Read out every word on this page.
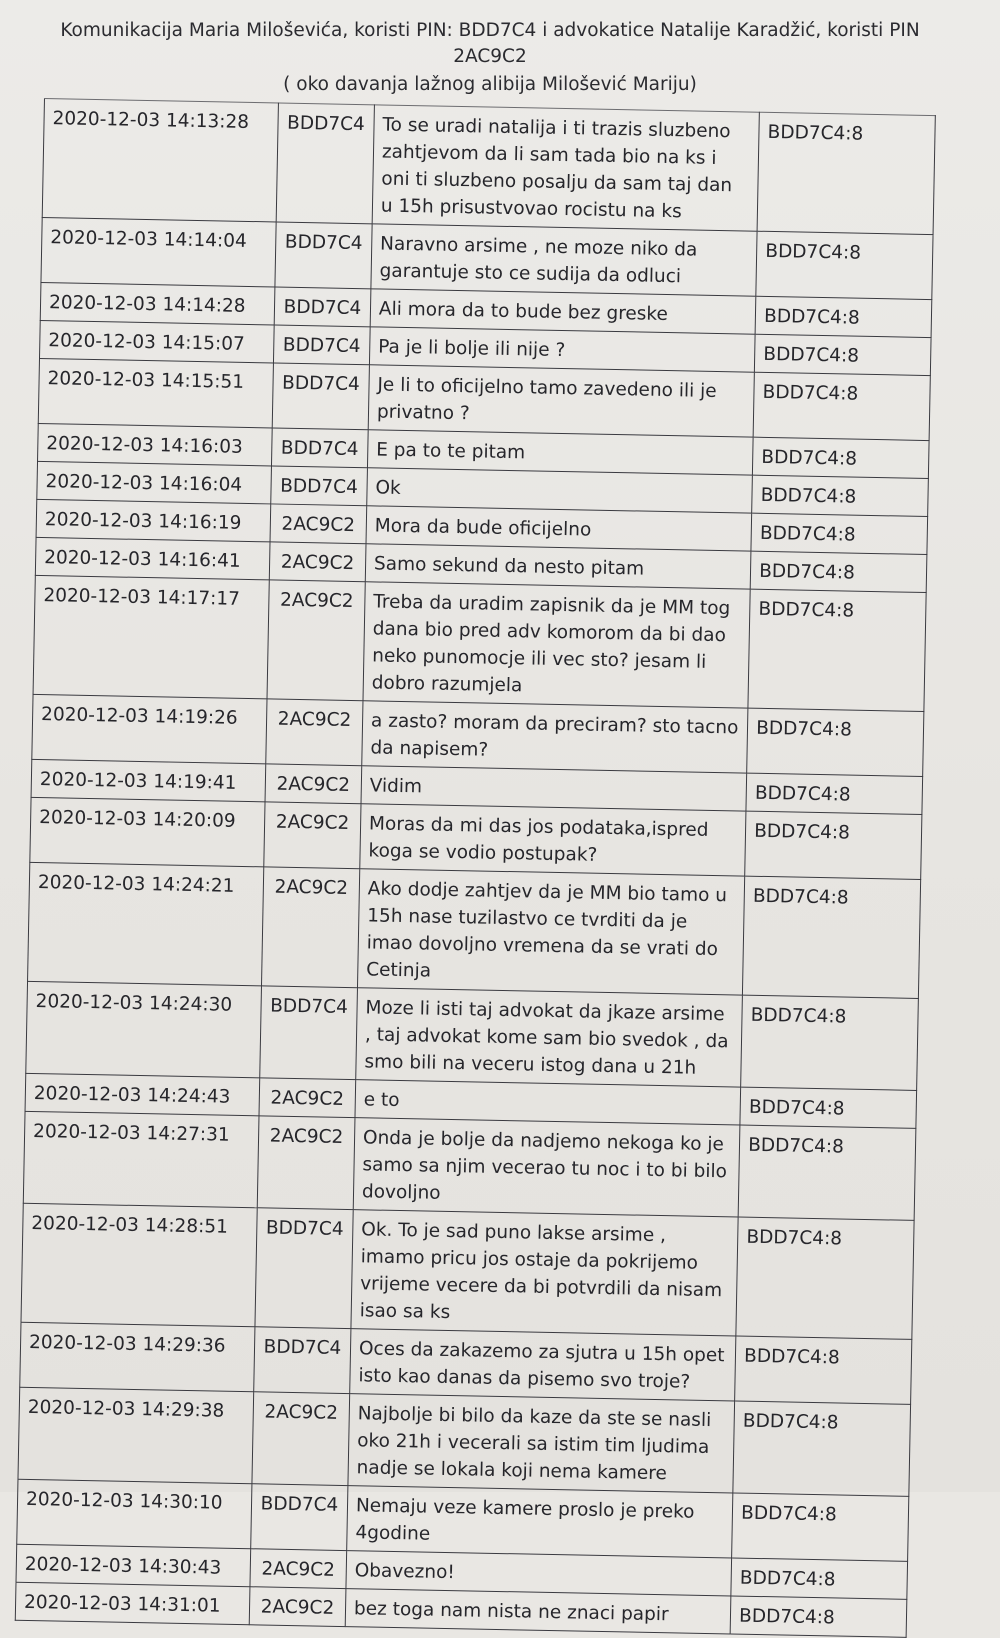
Komunikacija Maria Miloševića, koristi PIN: BDD7C4 i advokatice Natalije Karadžić, koristi PIN 2AC9C2
( oko davanja lažnog alibija Milošević Mariju)
2020-12-03 14:13:28	BDD7C4	To se uradi natalija i ti trazis sluzbeno zahtjevom da li sam tada bio na ks i oni ti sluzbeno posalju da sam taj dan u 15h prisustvovao rocistu na ks	BDD7C4:8
2020-12-03 14:14:04	BDD7C4	Naravno arsime , ne moze niko da garantuje sto ce sudija da odluci	BDD7C4:8
2020-12-03 14:14:28	BDD7C4	Ali mora da to bude bez greske	BDD7C4:8
2020-12-03 14:15:07	BDD7C4	Pa je li bolje ili nije ?	BDD7C4:8
2020-12-03 14:15:51	BDD7C4	Je li to oficijelno tamo zavedeno ili je privatno ?	BDD7C4:8
2020-12-03 14:16:03	BDD7C4	E pa to te pitam	BDD7C4:8
2020-12-03 14:16:04	BDD7C4	Ok	BDD7C4:8
2020-12-03 14:16:19	2AC9C2	Mora da bude oficijelno	BDD7C4:8
2020-12-03 14:16:41	2AC9C2	Samo sekund da nesto pitam	BDD7C4:8
2020-12-03 14:17:17	2AC9C2	Treba da uradim zapisnik da je MM tog dana bio pred adv komorom da bi dao neko punomocje ili vec sto? jesam li dobro razumjela	BDD7C4:8
2020-12-03 14:19:26	2AC9C2	a zasto? moram da preciram? sto tacno da napisem?	BDD7C4:8
2020-12-03 14:19:41	2AC9C2	Vidim	BDD7C4:8
2020-12-03 14:20:09	2AC9C2	Moras da mi das jos podataka,ispred koga se vodio postupak?	BDD7C4:8
2020-12-03 14:24:21	2AC9C2	Ako dodje zahtjev da je MM bio tamo u 15h nase tuzilastvo ce tvrditi da je imao dovoljno vremena da se vrati do Cetinja	BDD7C4:8
2020-12-03 14:24:30	BDD7C4	Moze li isti taj advokat da jkaze arsime , taj advokat kome sam bio svedok , da smo bili na veceru istog dana u 21h	BDD7C4:8
2020-12-03 14:24:43	2AC9C2	e to	BDD7C4:8
2020-12-03 14:27:31	2AC9C2	Onda je bolje da nadjemo nekoga ko je samo sa njim vecerao tu noc i to bi bilo dovoljno	BDD7C4:8
2020-12-03 14:28:51	BDD7C4	Ok. To je sad puno lakse arsime , imamo pricu jos ostaje da pokrijemo vrijeme vecere da bi potvrdili da nisam isao sa ks	BDD7C4:8
2020-12-03 14:29:36	BDD7C4	Oces da zakazemo za sjutra u 15h opet isto kao danas da pisemo svo troje?	BDD7C4:8
2020-12-03 14:29:38	2AC9C2	Najbolje bi bilo da kaze da ste se nasli oko 21h i vecerali sa istim tim ljudima nadje se lokala koji nema kamere	BDD7C4:8
2020-12-03 14:30:10	BDD7C4	Nemaju veze kamere proslo je preko 4godine	BDD7C4:8
2020-12-03 14:30:43	2AC9C2	Obavezno!	BDD7C4:8
2020-12-03 14:31:01	2AC9C2	bez toga nam nista ne znaci papir	BDD7C4:8
